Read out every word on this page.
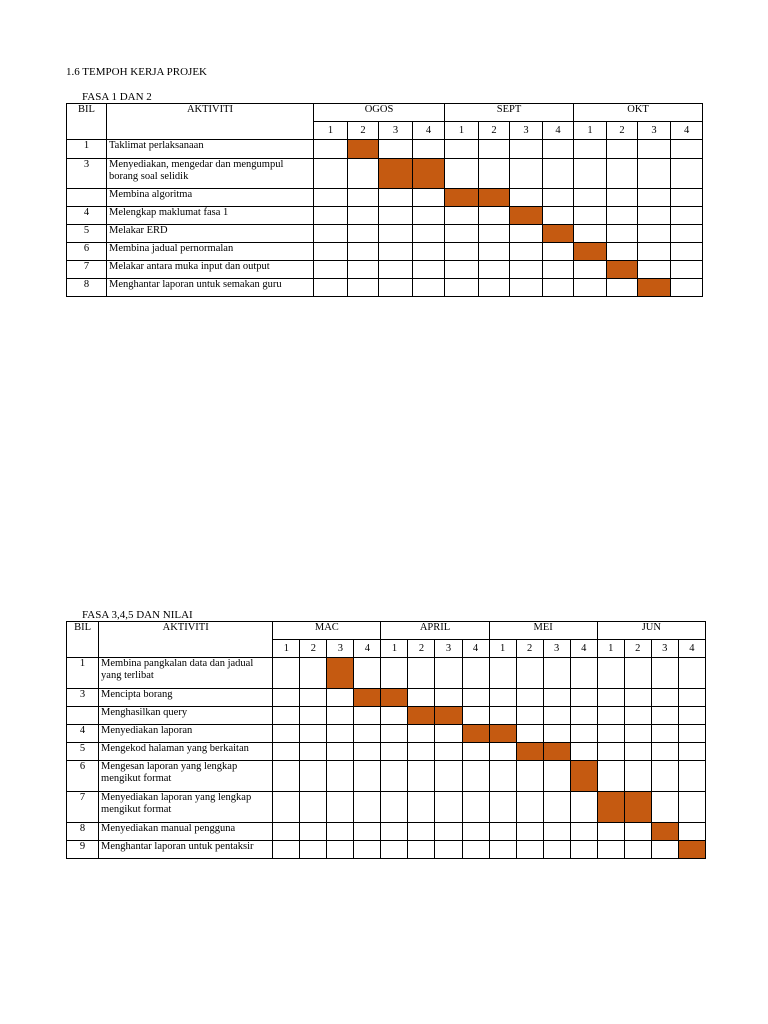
1.6 TEMPOH KERJA PROJEK
FASA 1 DAN 2
BIL	AKTIVITI	OGOS				SEPT				OKT			
		1	2	3	4	1	2	3	4	1	2	3	4
1	Taklimat perlaksanaan												
3	Menyediakan, mengedar dan mengumpul borang soal selidik												
	Membina algoritma												
4	Melengkap maklumat fasa 1												
5	Melakar ERD												
6	Membina jadual pernormalan												
7	Melakar antara muka input dan output												
8	Menghantar laporan untuk semakan guru												
FASA 3,4,5 DAN NILAI
BIL	AKTIVITI	MAC				APRIL				MEI				JUN			
		1	2	3	4	1	2	3	4	1	2	3	4	1	2	3	4
1	Membina pangkalan data dan jadual yang terlibat																
3	Mencipta borang																
	Menghasilkan query																
4	Menyediakan laporan																
5	Mengekod halaman yang berkaitan																
6	Mengesan laporan yang lengkap mengikut format																
7	Menyediakan laporan yang lengkap mengikut format																
8	Menyediakan manual pengguna																
9	Menghantar laporan untuk pentaksir																
